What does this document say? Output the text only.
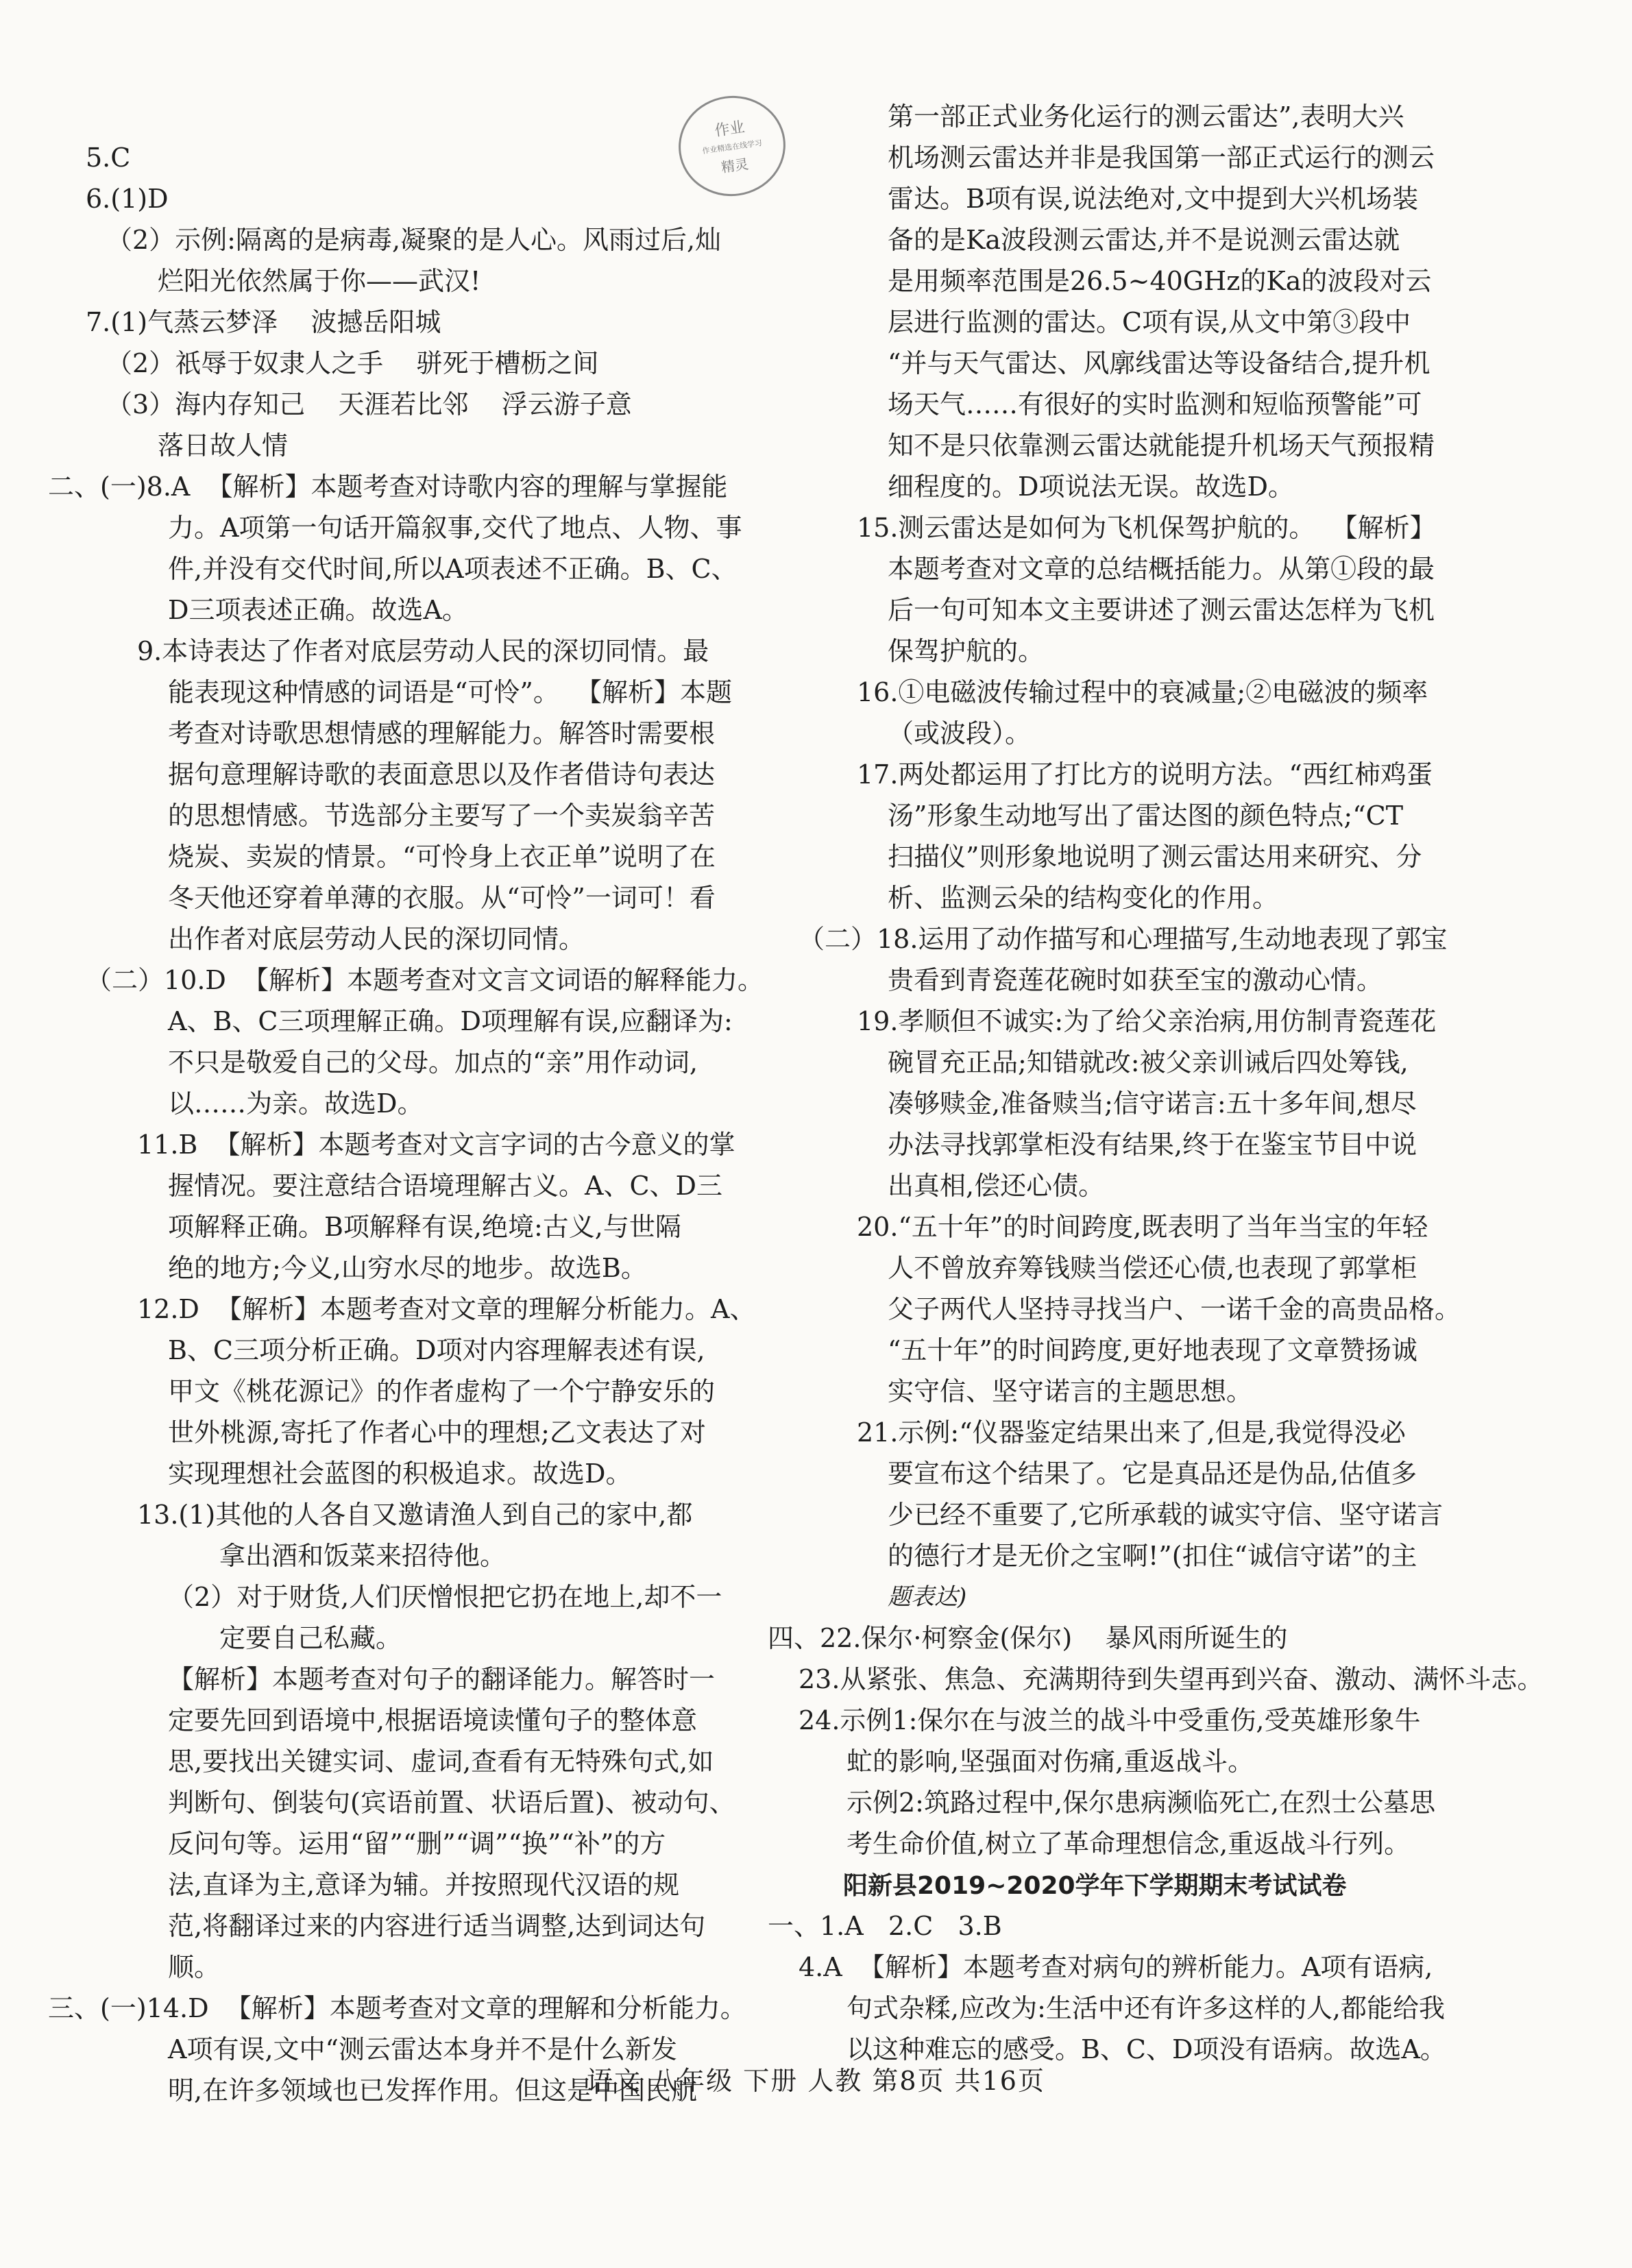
作业
作业精选在线学习
精灵
5.C
6.(1)D
（2）示例:隔离的是病毒,凝聚的是人心。风雨过后,灿
烂阳光依然属于你——武汉!
7.(1)气蒸云梦泽    波撼岳阳城
（2）祇辱于奴隶人之手    骈死于槽枥之间
（3）海内存知己    天涯若比邻    浮云游子意
落日故人情
二、(一)8.A  【解析】本题考查对诗歌内容的理解与掌握能
力。A项第一句话开篇叙事,交代了地点、人物、事
件,并没有交代时间,所以A项表述不正确。B、C、
D三项表述正确。故选A。
9.本诗表达了作者对底层劳动人民的深切同情。最
能表现这种情感的词语是“可怜”。  【解析】本题
考查对诗歌思想情感的理解能力。解答时需要根
据句意理解诗歌的表面意思以及作者借诗句表达
的思想情感。节选部分主要写了一个卖炭翁辛苦
烧炭、卖炭的情景。“可怜身上衣正单”说明了在
冬天他还穿着单薄的衣服。从“可怜”一词可！看
出作者对底层劳动人民的深切同情。
（二）10.D  【解析】本题考查对文言文词语的解释能力。
A、B、C三项理解正确。D项理解有误,应翻译为:
不只是敬爱自己的父母。加点的“亲”用作动词,
以……为亲。故选D。
11.B  【解析】本题考查对文言字词的古今意义的掌
握情况。要注意结合语境理解古义。A、C、D三
项解释正确。B项解释有误,绝境:古义,与世隔
绝的地方;今义,山穷水尽的地步。故选B。
12.D  【解析】本题考查对文章的理解分析能力。A、
B、C三项分析正确。D项对内容理解表述有误,
甲文《桃花源记》的作者虚构了一个宁静安乐的
世外桃源,寄托了作者心中的理想;乙文表达了对
实现理想社会蓝图的积极追求。故选D。
13.(1)其他的人各自又邀请渔人到自己的家中,都
拿出酒和饭菜来招待他。
（2）对于财货,人们厌憎恨把它扔在地上,却不一
定要自己私藏。
【解析】本题考查对句子的翻译能力。解答时一
定要先回到语境中,根据语境读懂句子的整体意
思,要找出关键实词、虚词,查看有无特殊句式,如
判断句、倒装句(宾语前置、状语后置)、被动句、
反问句等。运用“留”“删”“调”“换”“补”的方
法,直译为主,意译为辅。并按照现代汉语的规
范,将翻译过来的内容进行适当调整,达到词达句
顺。
三、(一)14.D  【解析】本题考查对文章的理解和分析能力。
A项有误,文中“测云雷达本身并不是什么新发
明,在许多领域也已发挥作用。但这是中国民航
第一部正式业务化运行的测云雷达”,表明大兴
机场测云雷达并非是我国第一部正式运行的测云
雷达。B项有误,说法绝对,文中提到大兴机场装
备的是Ka波段测云雷达,并不是说测云雷达就
是用频率范围是26.5~40GHz的Ka的波段对云
层进行监测的雷达。C项有误,从文中第③段中
“并与天气雷达、风廓线雷达等设备结合,提升机
场天气……有很好的实时监测和短临预警能”可
知不是只依靠测云雷达就能提升机场天气预报精
细程度的。D项说法无误。故选D。
15.测云雷达是如何为飞机保驾护航的。  【解析】
本题考查对文章的总结概括能力。从第①段的最
后一句可知本文主要讲述了测云雷达怎样为飞机
保驾护航的。
16.①电磁波传输过程中的衰减量;②电磁波的频率
（或波段）。
17.两处都运用了打比方的说明方法。“西红柿鸡蛋
汤”形象生动地写出了雷达图的颜色特点;“CT
扫描仪”则形象地说明了测云雷达用来研究、分
析、监测云朵的结构变化的作用。
（二）18.运用了动作描写和心理描写,生动地表现了郭宝
贵看到青瓷莲花碗时如获至宝的激动心情。
19.孝顺但不诚实:为了给父亲治病,用仿制青瓷莲花
碗冒充正品;知错就改:被父亲训诫后四处筹钱,
凑够赎金,准备赎当;信守诺言:五十多年间,想尽
办法寻找郭掌柜没有结果,终于在鉴宝节目中说
出真相,偿还心债。
20.“五十年”的时间跨度,既表明了当年当宝的年轻
人不曾放弃筹钱赎当偿还心债,也表现了郭掌柜
父子两代人坚持寻找当户、一诺千金的高贵品格。
“五十年”的时间跨度,更好地表现了文章赞扬诚
实守信、坚守诺言的主题思想。
21.示例:“仪器鉴定结果出来了,但是,我觉得没必
要宣布这个结果了。它是真品还是伪品,估值多
少已经不重要了,它所承载的诚实守信、坚守诺言
的德行才是无价之宝啊!”(扣住“诚信守诺”的主
题表达)
四、22.保尔·柯察金(保尔)    暴风雨所诞生的
23.从紧张、焦急、充满期待到失望再到兴奋、激动、满怀斗志。
24.示例1:保尔在与波兰的战斗中受重伤,受英雄形象牛
虻的影响,坚强面对伤痛,重返战斗。
示例2:筑路过程中,保尔患病濒临死亡,在烈士公墓思
考生命价值,树立了革命理想信念,重返战斗行列。
阳新县2019~2020学年下学期期末考试试卷
一、1.A   2.C   3.B
4.A  【解析】本题考查对病句的辨析能力。A项有语病,
句式杂糅,应改为:生活中还有许多这样的人,都能给我
以这种难忘的感受。B、C、D项没有语病。故选A。
语文 八年级 下册 人教 第8页 共16页
